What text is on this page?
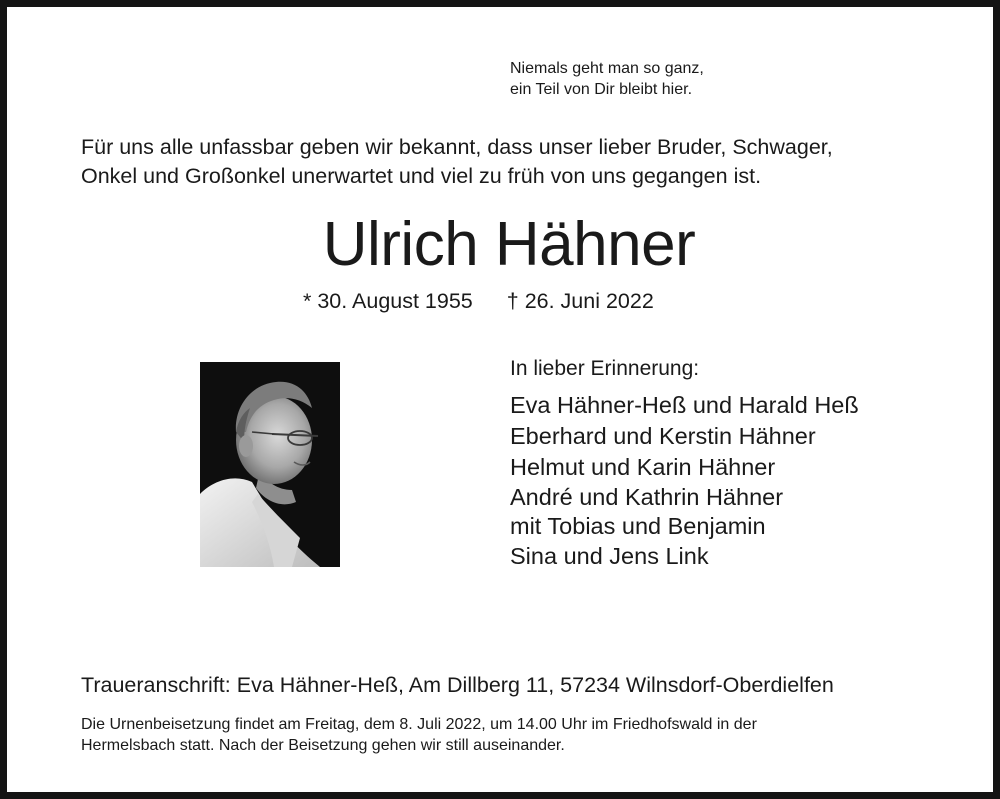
Niemals geht man so ganz,
ein Teil von Dir bleibt hier.
Für uns alle unfassbar geben wir bekannt, dass unser lieber Bruder, Schwager,
Onkel und Großonkel unerwartet und viel zu früh von uns gegangen ist.
Ulrich Hähner
* 30. August 1955 † 26. Juni 2022
In lieber Erinnerung:
Eva Hähner-Heß und Harald Heß
Eberhard und Kerstin Hähner
Helmut und Karin Hähner
André und Kathrin Hähner
mit Tobias und Benjamin
Sina und Jens Link
Traueranschrift: Eva Hähner-Heß, Am Dillberg 11, 57234 Wilnsdorf-Oberdielfen
Die Urnenbeisetzung findet am Freitag, dem 8. Juli 2022, um 14.00 Uhr im Friedhofswald in der
Hermelsbach statt. Nach der Beisetzung gehen wir still auseinander.
